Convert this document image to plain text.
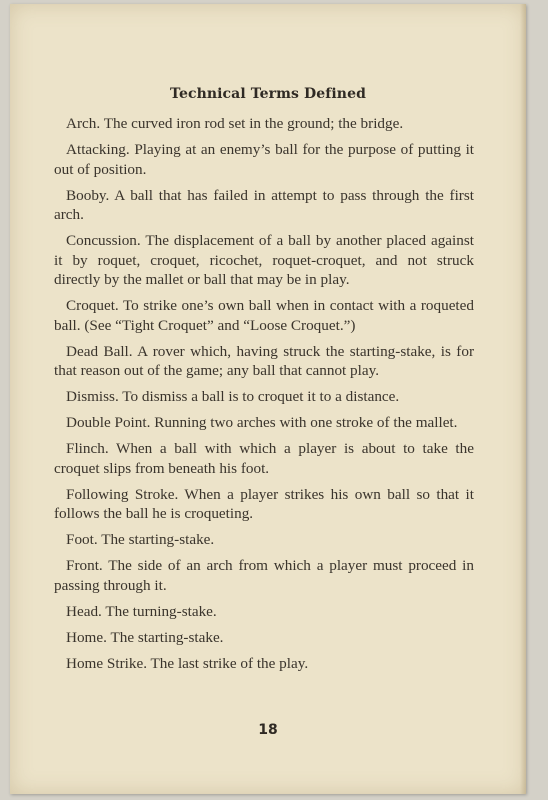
Technical Terms Defined

Arch. The curved iron rod set in the ground; the bridge.

Attacking. Playing at an enemy’s ball for the purpose of putting it out of position.

Booby. A ball that has failed in attempt to pass through the first arch.

Concussion. The displacement of a ball by another placed against it by roquet, croquet, ricochet, roquet-croquet, and not struck directly by the mallet or ball that may be in play.

Croquet. To strike one’s own ball when in contact with a roqueted ball. (See “Tight Croquet” and “Loose Croquet.”)

Dead Ball. A rover which, having struck the starting-stake, is for that reason out of the game; any ball that cannot play.

Dismiss. To dismiss a ball is to croquet it to a distance.

Double Point. Running two arches with one stroke of the mallet.

Flinch. When a ball with which a player is about to take the croquet slips from beneath his foot.

Following Stroke. When a player strikes his own ball so that it follows the ball he is croqueting.

Foot. The starting-stake.

Front. The side of an arch from which a player must proceed in passing through it.

Head. The turning-stake.

Home. The starting-stake.

Home Strike. The last strike of the play.

18
